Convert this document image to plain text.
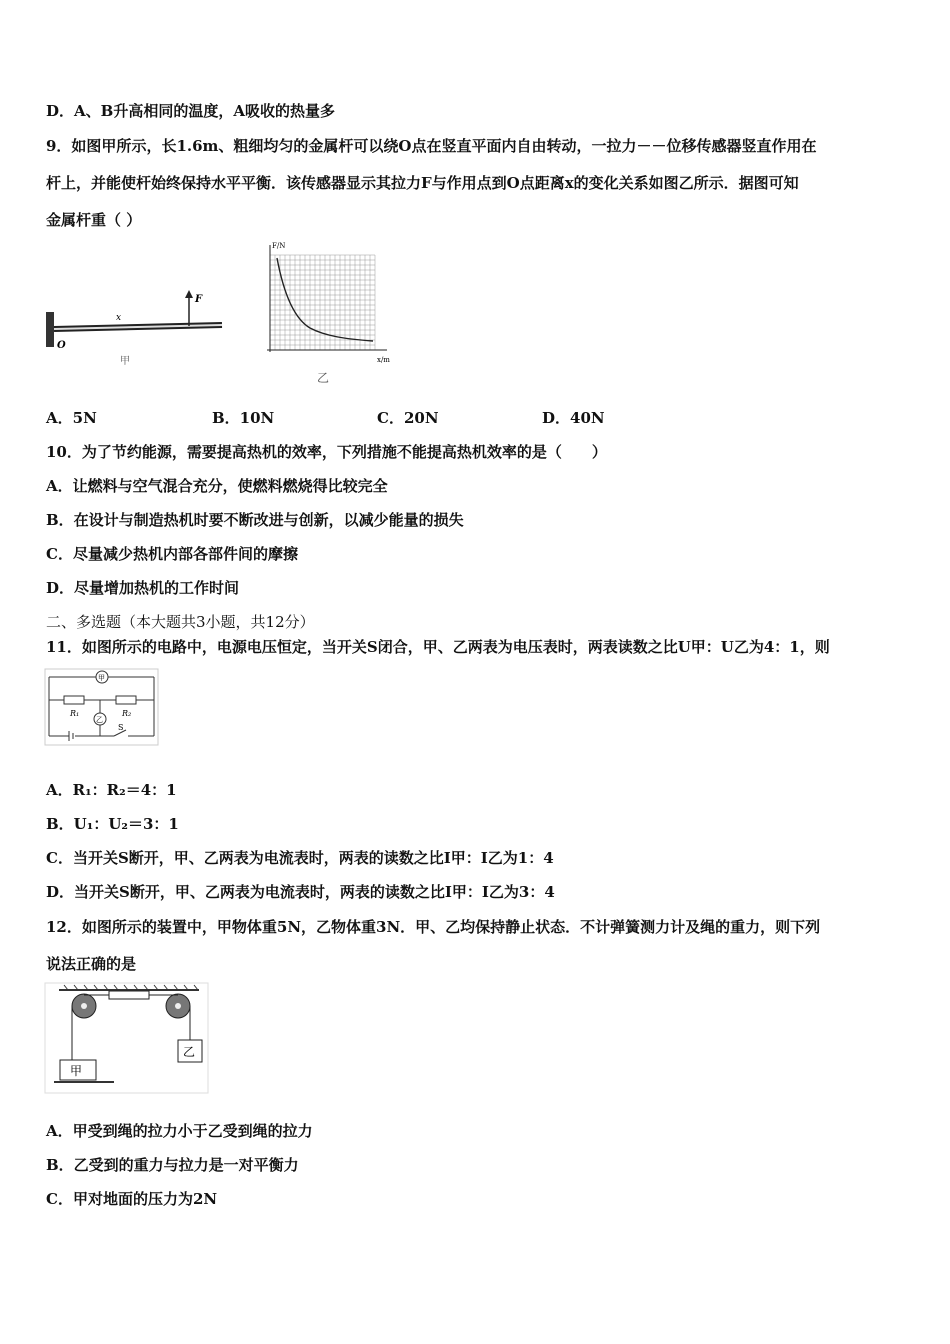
D．A、B升高相同的温度，A吸收的热量多
9．如图甲所示，长1.6m、粗细均匀的金属杆可以绕O点在竖直平面内自由转动，一拉力－－位移传感器竖直作用在
杆上，并能使杆始终保持水平平衡．该传感器显示其拉力F与作用点到O点距离x的变化关系如图乙所示．据图可知
金属杆重（ ）
O
F
x
甲
F/N
x/m
乙
A．5N	B．10N	C．20N	D．40N
10．为了节约能源，需要提高热机的效率，下列措施不能提高热机效率的是（　　）
A．让燃料与空气混合充分，使燃料燃烧得比较完全
B．在设计与制造热机时要不断改进与创新，以减少能量的损失
C．尽量减少热机内部各部件间的摩擦
D．尽量增加热机的工作时间
二、多选题（本大题共3小题，共12分）
11．如图所示的电路中，电源电压恒定，当开关S闭合，甲、乙两表为电压表时，两表读数之比U甲：U乙为4：1，则
甲
乙
R₁	R₂
S
A．R₁：R₂＝4：1
B．U₁：U₂＝3：1
C．当开关S断开，甲、乙两表为电流表时，两表的读数之比I甲：I乙为1：4
D．当开关S断开，甲、乙两表为电流表时，两表的读数之比I甲：I乙为3：4
12．如图所示的装置中，甲物体重5N，乙物体重3N．甲、乙均保持静止状态．不计弹簧测力计及绳的重力，则下列
说法正确的是
甲
乙
A．甲受到绳的拉力小于乙受到绳的拉力
B．乙受到的重力与拉力是一对平衡力
C．甲对地面的压力为2N
